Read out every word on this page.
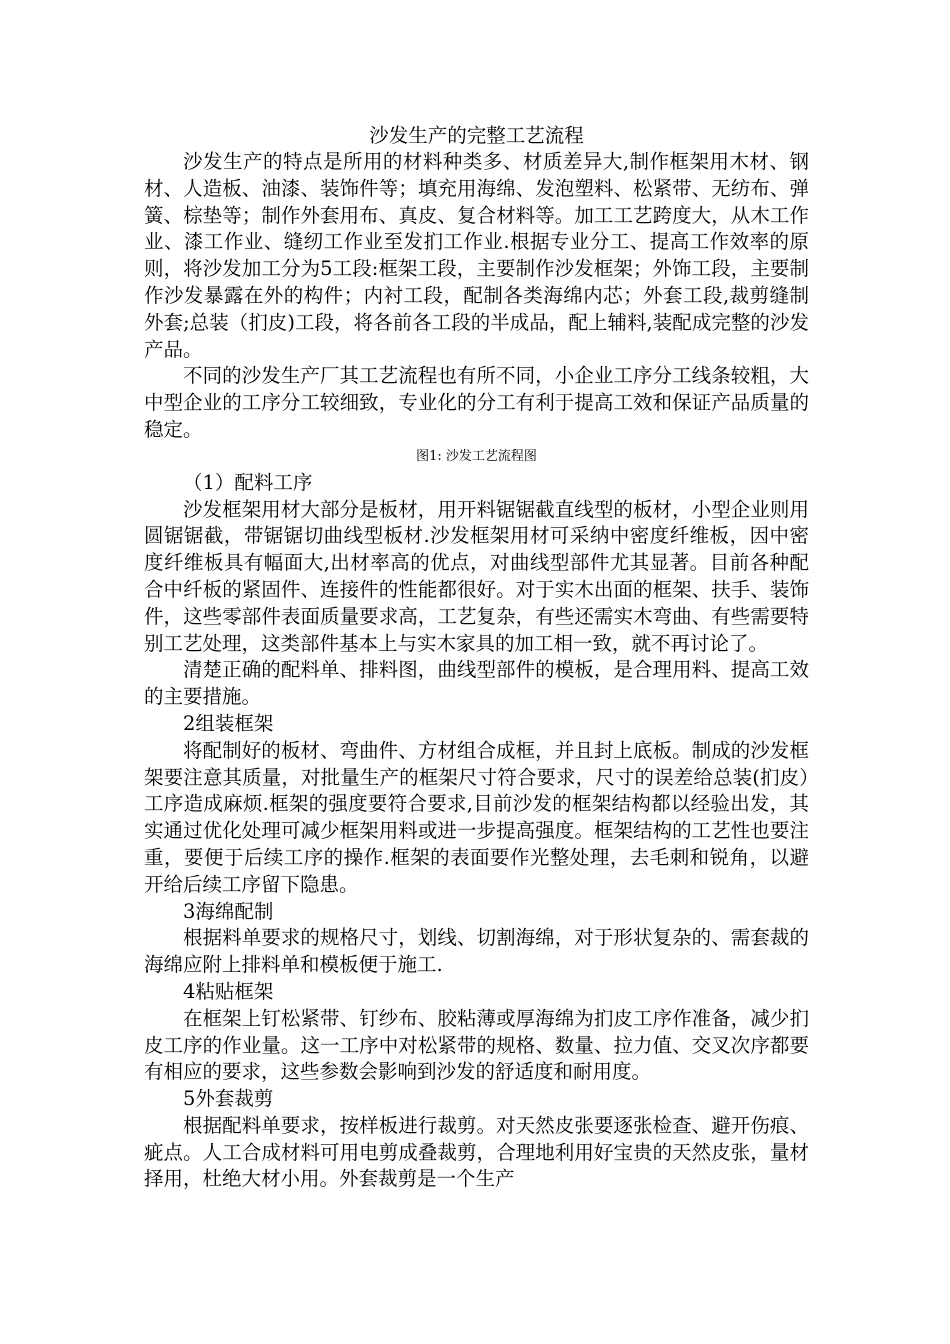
沙发生产的完整工艺流程

沙发生产的特点是所用的材料种类多、材质差异大,制作框架用木材、钢材、人造板、油漆、装饰件等；填充用海绵、发泡塑料、松紧带、无纺布、弹簧、棕垫等；制作外套用布、真皮、复合材料等。加工工艺跨度大，从木工作业、漆工作业、缝纫工作业至发扪工作业.根据专业分工、提高工作效率的原则，将沙发加工分为5工段:框架工段，主要制作沙发框架；外饰工段，主要制作沙发暴露在外的构件；内衬工段，配制各类海绵内芯；外套工段,裁剪缝制外套;总装（扪皮)工段，将各前各工段的半成品，配上辅料,装配成完整的沙发产品。

不同的沙发生产厂其工艺流程也有所不同，小企业工序分工线条较粗，大中型企业的工序分工较细致，专业化的分工有利于提高工效和保证产品质量的稳定。

图1: 沙发工艺流程图

（1）配料工序

沙发框架用材大部分是板材，用开料锯锯截直线型的板材，小型企业则用圆锯锯截，带锯锯切曲线型板材.沙发框架用材可采纳中密度纤维板，因中密度纤维板具有幅面大,出材率高的优点，对曲线型部件尤其显著。目前各种配合中纤板的紧固件、连接件的性能都很好。对于实木出面的框架、扶手、装饰件，这些零部件表面质量要求高，工艺复杂，有些还需实木弯曲、有些需要特别工艺处理，这类部件基本上与实木家具的加工相一致，就不再讨论了。

清楚正确的配料单、排料图，曲线型部件的模板，是合理用料、提高工效的主要措施。

2组装框架

将配制好的板材、弯曲件、方材组合成框，并且封上底板。制成的沙发框架要注意其质量，对批量生产的框架尺寸符合要求，尺寸的误差给总装(扪皮）工序造成麻烦.框架的强度要符合要求,目前沙发的框架结构都以经验出发，其实通过优化处理可减少框架用料或进一步提高强度。框架结构的工艺性也要注重，要便于后续工序的操作.框架的表面要作光整处理，去毛刺和锐角，以避开给后续工序留下隐患。

3海绵配制

根据料单要求的规格尺寸，划线、切割海绵，对于形状复杂的、需套裁的海绵应附上排料单和模板便于施工.

4粘贴框架

在框架上钉松紧带、钉纱布、胶粘薄或厚海绵为扪皮工序作准备，减少扪皮工序的作业量。这一工序中对松紧带的规格、数量、拉力值、交叉次序都要有相应的要求，这些参数会影响到沙发的舒适度和耐用度。

5外套裁剪

根据配料单要求，按样板进行裁剪。对天然皮张要逐张检查、避开伤痕、疵点。人工合成材料可用电剪成叠裁剪，合理地利用好宝贵的天然皮张，量材择用，杜绝大材小用。外套裁剪是一个生产
